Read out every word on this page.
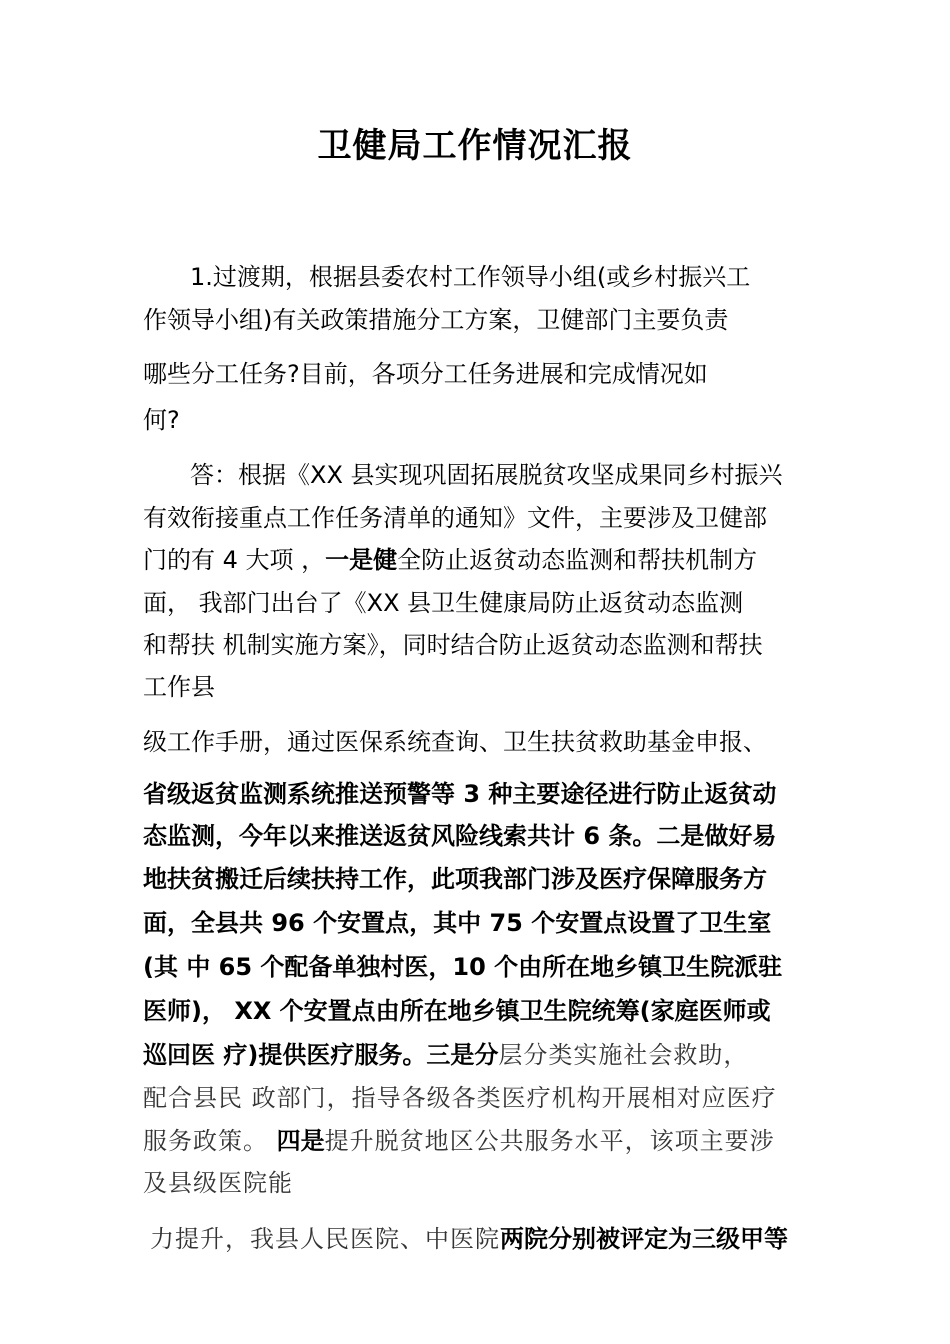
卫健局工作情况汇报
1.过渡期，根据县委农村工作领导小组(或乡村振兴工
作领导小组)有关政策措施分工方案，卫健部门主要负责
哪些分工任务?目前，各项分工任务进展和完成情况如
何?
答：根据《XX 县实现巩固拓展脱贫攻坚成果同乡村振兴
有效衔接重点工作任务清单的通知》文件，主要涉及卫健部
门的有 4 大项 ，一是健全防止返贫动态监测和帮扶机制方
面， 我部门出台了《XX 县卫生健康局防止返贫动态监测
和帮扶 机制实施方案》，同时结合防止返贫动态监测和帮扶
工作县
级工作手册，通过医保系统查询、卫生扶贫救助基金申报、
省级返贫监测系统推送预警等 3 种主要途径进行防止返贫动
态监测，今年以来推送返贫风险线索共计 6 条。二是做好易
地扶贫搬迁后续扶持工作，此项我部门涉及医疗保障服务方
面，全县共 96 个安置点，其中 75 个安置点设置了卫生室
(其 中 65 个配备单独村医，10 个由所在地乡镇卫生院派驻
医师)， XX 个安置点由所在地乡镇卫生院统筹(家庭医师或
巡回医 疗)提供医疗服务。三是分层分类实施社会救助，
配合县民 政部门，指导各级各类医疗机构开展相对应医疗
服务政策。 四是提升脱贫地区公共服务水平，该项主要涉
及县级医院能
力提升，我县人民医院、中医院两院分别被评定为三级甲等
